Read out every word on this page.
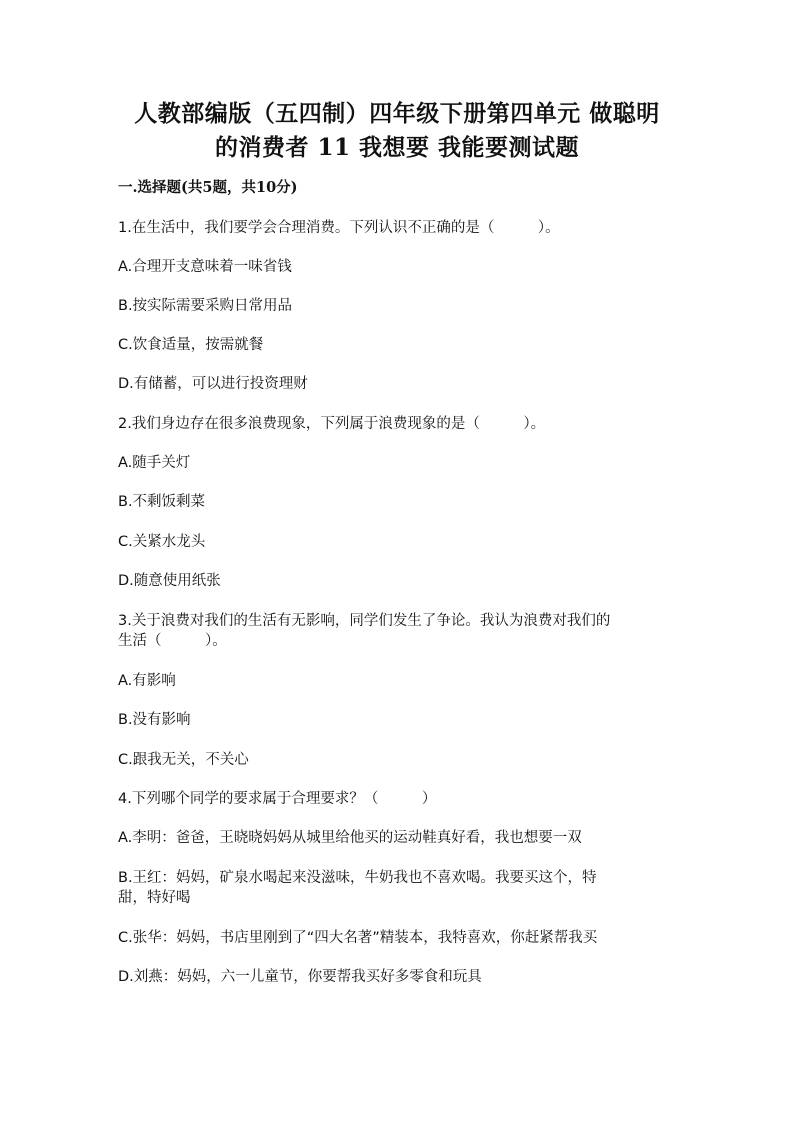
人教部编版（五四制）四年级下册第四单元 做聪明
的消费者 11 我想要 我能要测试题
一.选择题(共5题，共10分)
1.在生活中，我们要学会合理消费。下列认识不正确的是（　　　）。
A.合理开支意味着一味省钱
B.按实际需要采购日常用品
C.饮食适量，按需就餐
D.有储蓄，可以进行投资理财
2.我们身边存在很多浪费现象，下列属于浪费现象的是（　　　）。
A.随手关灯
B.不剩饭剩菜
C.关紧水龙头
D.随意使用纸张
3.关于浪费对我们的生活有无影响，同学们发生了争论。我认为浪费对我们的
生活（　　　）。
A.有影响
B.没有影响
C.跟我无关，不关心
4.下列哪个同学的要求属于合理要求？（　　　）
A.李明：爸爸，王晓晓妈妈从城里给他买的运动鞋真好看，我也想要一双
B.王红：妈妈，矿泉水喝起来没滋味，牛奶我也不喜欢喝。我要买这个，特
甜，特好喝
C.张华：妈妈，书店里刚到了“四大名著”精装本，我特喜欢，你赶紧帮我买
D.刘燕：妈妈，六一儿童节，你要帮我买好多零食和玩具
